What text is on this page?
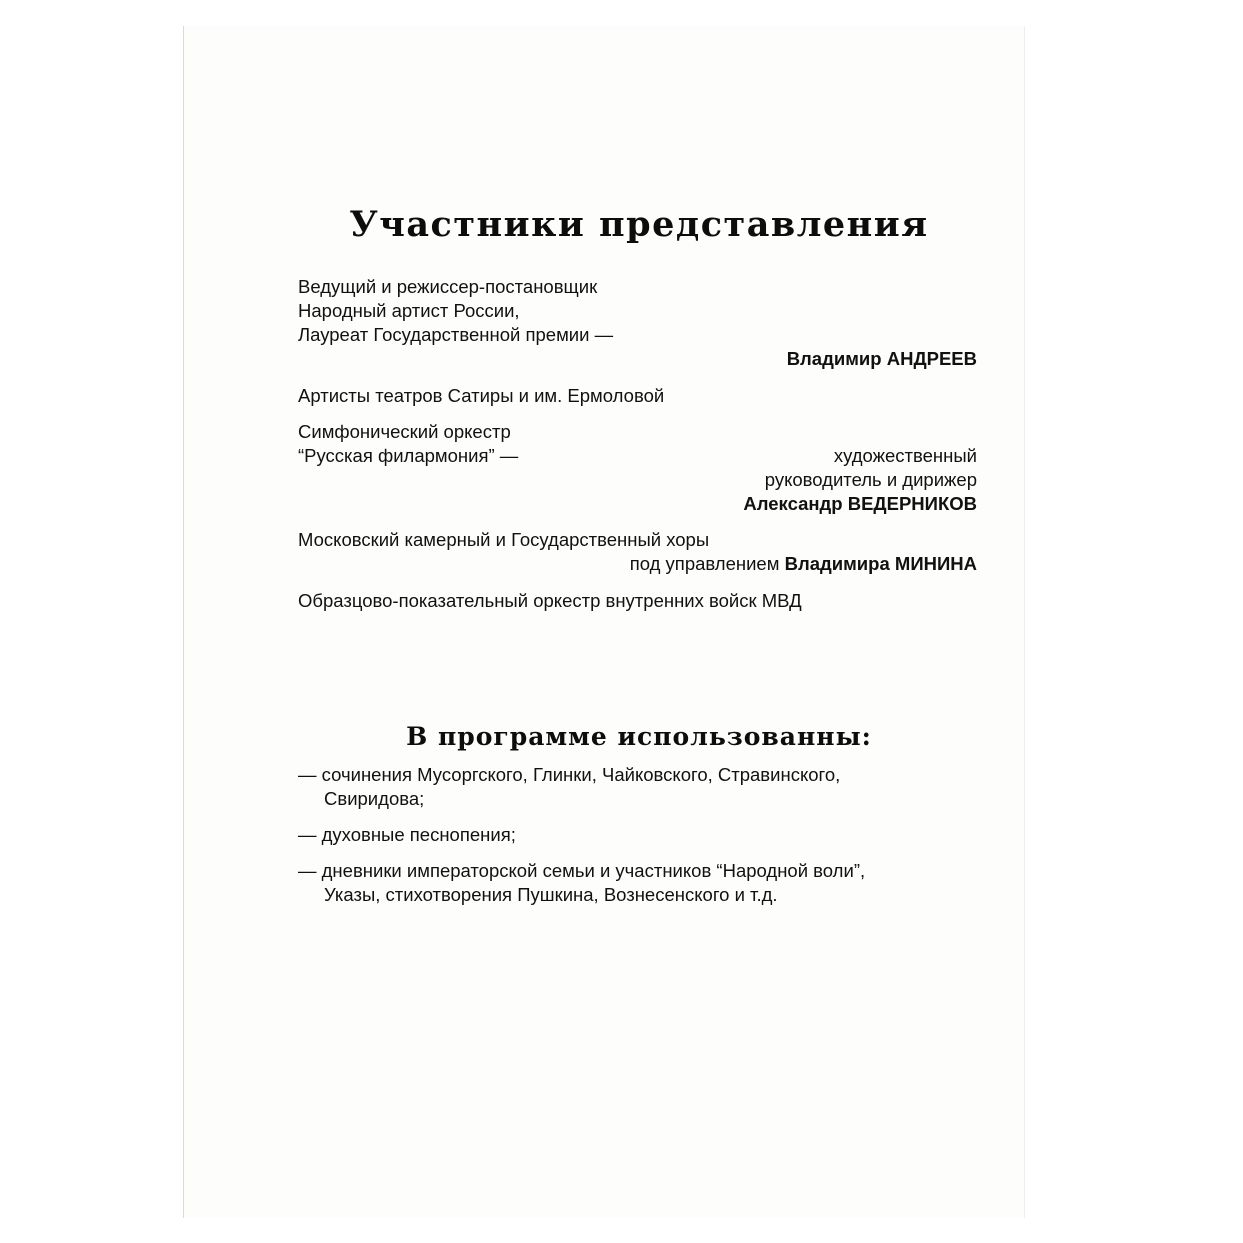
Участники представления
Ведущий и режиссер-постановщик
Народный артист России,
Лауреат Государственной премии —
Владимир АНДРЕЕВ
Артисты театров Сатиры и им. Ермоловой
Симфонический оркестр
“Русская филармония” —	художественный
руководитель и дирижер
Александр ВЕДЕРНИКОВ
Московский камерный и Государственный хоры
под управлением Владимира МИНИНА
Образцово-показательный оркестр внутренних войск МВД
В программе использованны:
— сочинения Мусоргского, Глинки, Чайковского, Стравинского,
Свиридова;
— духовные песнопения;
— дневники императорской семьи и участников “Народной воли”,
Указы, стихотворения Пушкина, Вознесенского и т.д.
